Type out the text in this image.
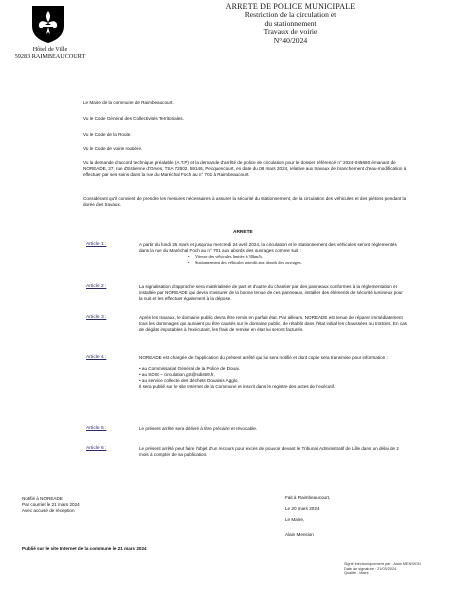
Hôtel de Ville
59283 RAIMBEAUCOURT
ARRETE DE POLICE MUNICIPALE
Restriction de la circulation et
du stationnement
Travaux de voirie
N°40/2024
Le Maire de la commune de Raimbeaucourt.
Vu le Code Général des Collectivités Territoriales.
Vu le Code de la Route.
Vu le Code de voirie routière.
Vu la demande d'accord technique préalable (A.T.P) et la demande d'arrêté de police de circulation pour le dossier référencé n° 2024-045660 émanant de NOREADE, 37, rue d'Estienne d'Orves, TSA 72502, 59146, Pecquencourt, en date du 08 mars 2024, relative aux travaux de branchement d'eau-modification à effectuer par ses soins dans la rue du Maréchal Foch au n° 701 à Raimbeaucourt.
Considérant qu'il convient de prendre les mesures nécessaires à assurer la sécurité du stationnement, de la circulation des véhicules et des piétons pendant la durée des travaux.
ARRETE
Article 1 :	A partir du lundi 25 mars et jusqu'au mercredi 24 avril 2024, la circulation et le stationnement des véhicules seront réglementés dans la rue du Maréchal Foch au n° 701 aux abords des ouvrages comme suit :
• Vitesse des véhicules limitée à 30km/h,
• Stationnement des véhicules interdit aux abords des ouvrages.
Article 2 :	La signalisation d'approche sera matérialisée de part et d'autre du chantier par des panneaux conformes à la réglementation et installée par NOREADE qui devra s'assurer de la bonne tenue de ces panneaux, installer des éléments de sécurité lumineux pour la nuit et les effectuer également à la dépose.
Article 3 :	Après les travaux, le domaine public devra être remis en parfait état. Par ailleurs, NOREADE est tenue de réparer immédiatement tous les dommages qui auraient pu être causés sur le domaine public, de rétablir dans l'état initial les chaussées ou trottoirs. En cas de dégâts imputables à l'exécutant, les frais de remise en état lui seront facturés.
Article 4 :	NOREADE est chargée de l'application du présent arrêté qui lui sera notifié et dont copie sera transmise pour information :
• au Commissariat Général de la Police de Douai.
• au SDIS – circulation.gS@sdis59.fr,
• au service collecte des déchets Douaisis Agglo.
Il sera publié sur le site Internet de la Commune et inscrit dans le registre des actes de l'exécutif.
Article 5 :	Le présent arrêté sera délivré à titre précaire et révocable.
Article 6 :	Le présent arrêté peut faire l'objet d'un recours pour excès de pouvoir devant le Tribunal Administratif de Lille dans un délai de 2 mois à compter de sa publication.
Notifié à NOREADE
Par courriel le 21 mars 2024
Avec accusé de réception
Fait à Raimbeaucourt,
Le 20 mars 2024
Le Maire,
Alain Mension
Publié sur le site Internet de la commune le 21 mars 2024
Signé électroniquement par : Alain MENSION
Date de signature : 21/03/2024
Qualité : Maire
